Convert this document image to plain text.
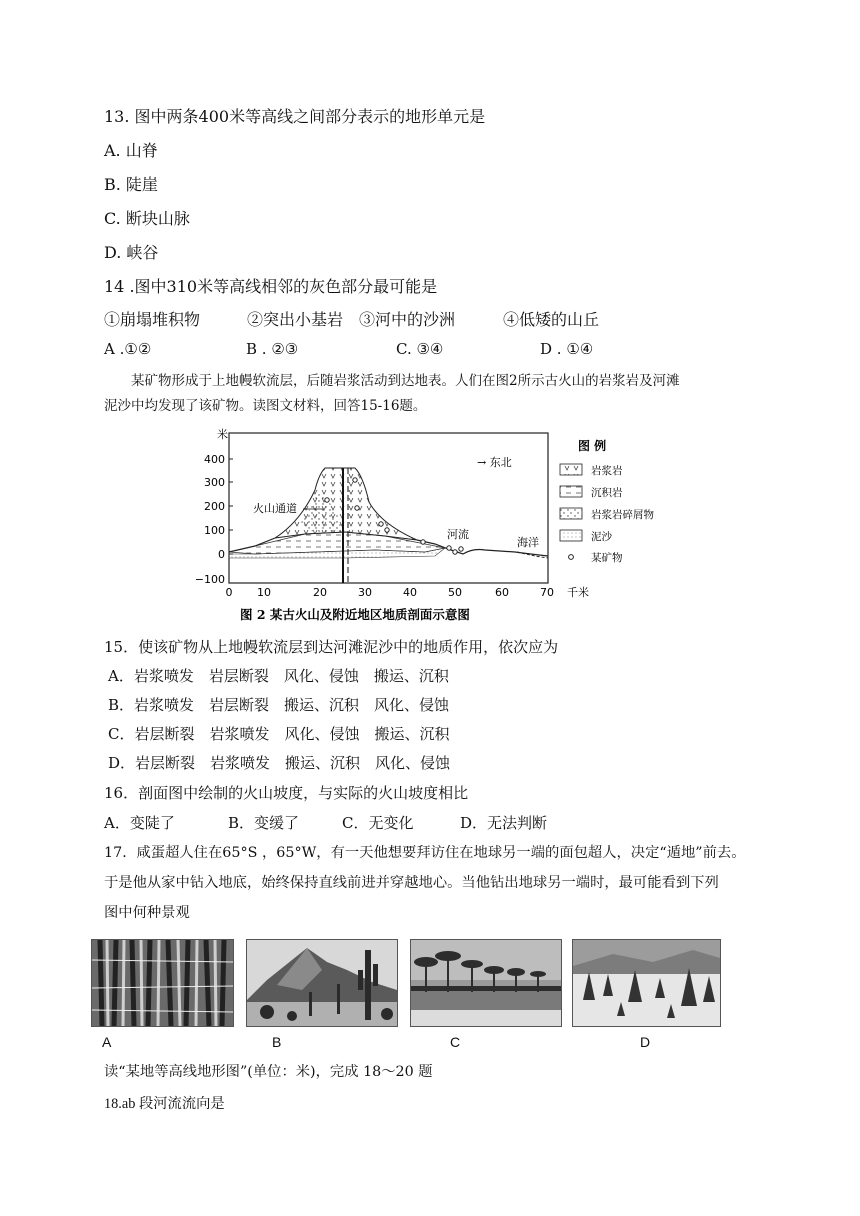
13. 图中两条400米等高线之间部分表示的地形单元是
A. 山脊
B. 陡崖
C. 断块山脉
D. 峡谷
14 .图中310米等高线相邻的灰色部分最可能是
①崩塌堆积物	②突出小基岩 ③河中的沙洲	④低矮的山丘
A .①②	B . ②③	C. ③④	D . ①④
某矿物形成于上地幔软流层，后随岩浆活动到达地表。人们在图2所示古火山的岩浆岩及河滩
泥沙中均发现了该矿物。读图文材料，回答15-16题。
米
400
300
200
100
0
−100
0 10	20	30	40	50	60	70 千米
火山通道
→ 东北
河流
海洋
图 例
岩浆岩
沉积岩
岩浆岩碎屑物
泥沙
某矿物
图 2 某古火山及附近地区地质剖面示意图
15．使该矿物从上地幔软流层到达河滩泥沙中的地质作用，依次应为
A．岩浆喷发　岩层断裂　风化、侵蚀　搬运、沉积
B．岩浆喷发　岩层断裂　搬运、沉积　风化、侵蚀
C．岩层断裂　岩浆喷发　风化、侵蚀　搬运、沉积
D．岩层断裂　岩浆喷发　搬运、沉积　风化、侵蚀
16．剖面图中绘制的火山坡度，与实际的火山坡度相比
A．变陡了	B．变缓了	C．无变化	D．无法判断
17．咸蛋超人住在65°S ，65°W，有一天他想要拜访住在地球另一端的面包超人，决定“遁地”前去。
于是他从家中钻入地底，始终保持直线前进并穿越地心。当他钻出地球另一端时，最可能看到下列
图中何种景观
A	B	C	D
读“某地等高线地形图”(单位：米)，完成 18～20 题
18.ab 段河流流向是
